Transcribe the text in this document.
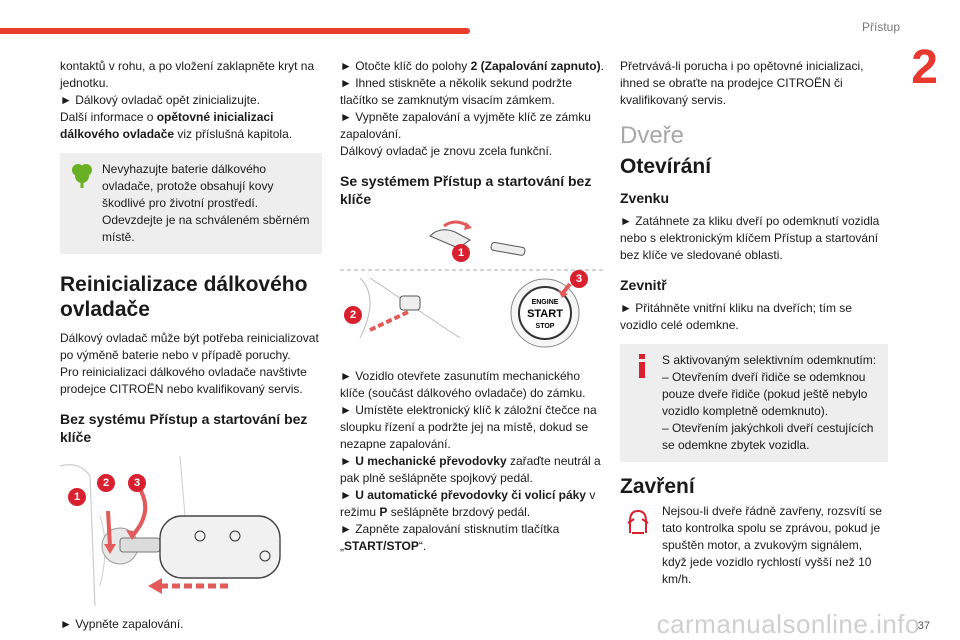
Přístup
2

kontaktů v rohu, a po vložení zaklapněte kryt na jednotku.

► Dálkový ovladač opět zinicializujte.

Další informace o opětovné inicializaci dálkového ovladače viz příslušná kapitola.

Nevyhazujte baterie dálkového ovladače, protože obsahují kovy škodlivé pro životní prostředí. Odevzdejte je na schváleném sběrném místě.

Reinicializace dálkového ovladače

Dálkový ovladač může být potřeba reinicializovat po výměně baterie nebo v případě poruchy.

Pro reinicializaci dálkového ovladače navštivte prodejce CITROËN nebo kvalifikovaný servis.

Bez systému Přístup a startování bez klíče
1
2	3

► Vypněte zapalování.

► Otočte klíč do polohy 2 (Zapalování zapnuto).

► Ihned stiskněte a několik sekund podržte tlačítko se zamknutým visacím zámkem.

► Vypněte zapalování a vyjměte klíč ze zámku zapalování.

Dálkový ovladač je znovu zcela funkční.

Se systémem Přístup a startování bez klíče
ENGINE
START
STOP
1
2
3

► Vozidlo otevřete zasunutím mechanického klíče (součást dálkového ovladače) do zámku.

► Umístěte elektronický klíč k záložní čtečce na sloupku řízení a podržte jej na místě, dokud se nezapne zapalování.

► U mechanické převodovky zařaďte neutrál a pak plně sešlápněte spojkový pedál.

► U automatické převodovky či volicí páky v režimu P sešlápněte brzdový pedál.

► Zapněte zapalování stisknutím tlačítka „START/STOP“.

Přetrvává-li porucha i po opětovné inicializaci, ihned se obraťte na prodejce CITROËN či kvalifikovaný servis.

Dveře
Otevírání
Zvenku

► Zatáhnete za kliku dveří po odemknutí vozidla nebo s elektronickým klíčem Přístup a startování bez klíče ve sledované oblasti.

Zevnitř

► Přitáhněte vnitřní kliku na dveřích; tím se vozidlo celé odemkne.

S aktivovaným selektivním odemknutím:

– Otevřením dveří řidiče se odemknou pouze dveře řidiče (pokud ještě nebylo vozidlo kompletně odemknuto).

– Otevřením jakýchkoli dveří cestujících se odemkne zbytek vozidla.

Zavření

Nejsou-li dveře řádně zavřeny, rozsvítí se tato kontrolka spolu se zprávou, pokud je spuštěn motor, a zvukovým signálem, když jede vozidlo rychlostí vyšší než 10 km/h.

carmanualsonline.info
37
